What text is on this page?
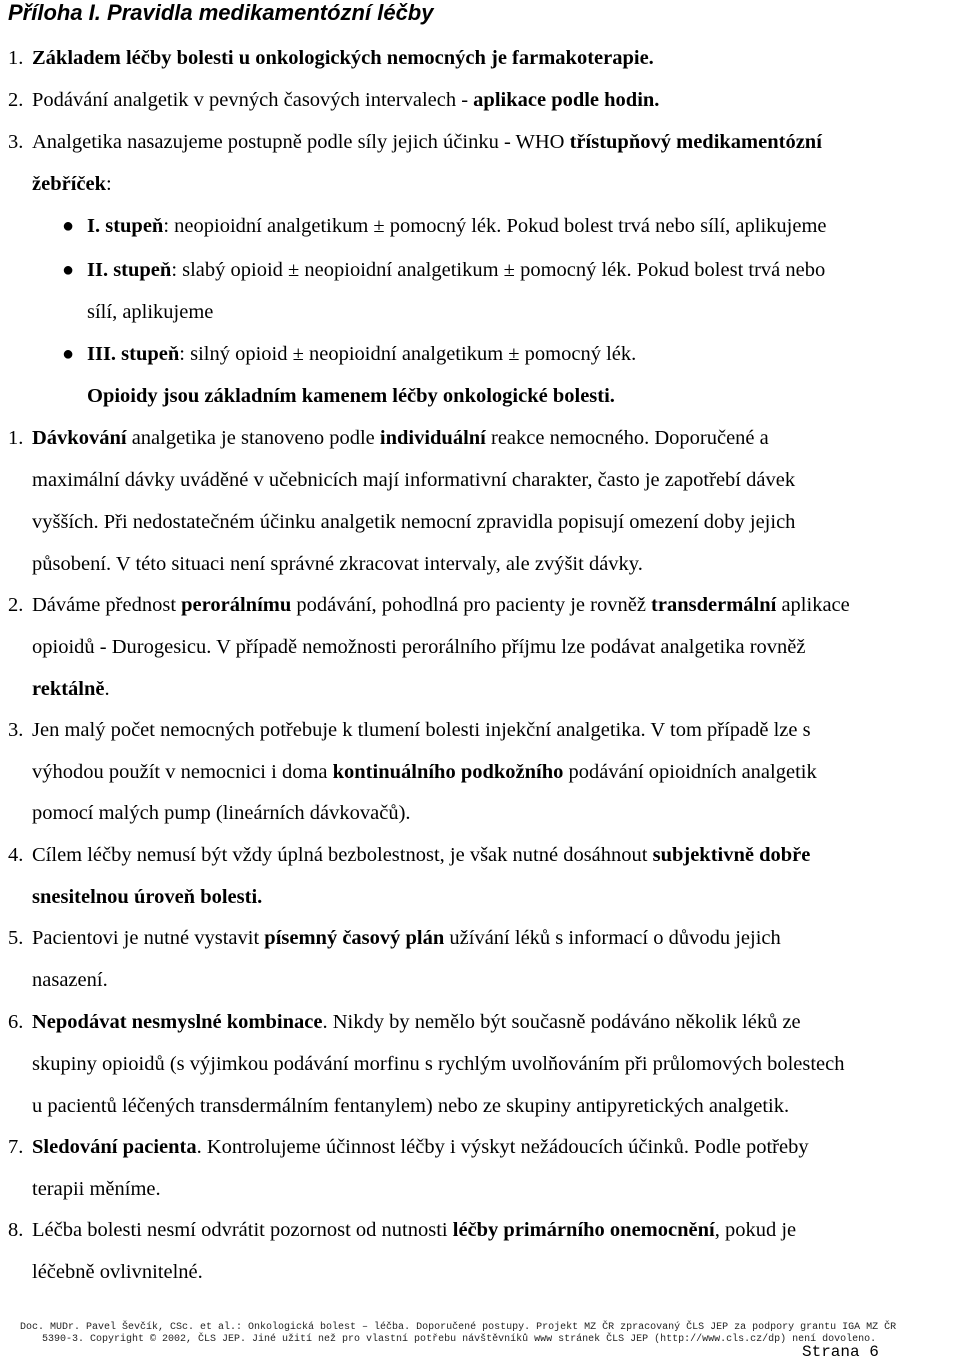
Příloha I. Pravidla medikamentózní léčby
1. Základem léčby bolesti u onkologických nemocných je farmakoterapie.
2. Podávání analgetik v pevných časových intervalech - aplikace podle hodin.
3. Analgetika nasazujeme postupně podle síly jejich účinku - WHO třístupňový medikamentózní
žebříček:
● I. stupeň: neopioidní analgetikum ± pomocný lék. Pokud bolest trvá nebo sílí, aplikujeme
● II. stupeň: slabý opioid ± neopioidní analgetikum ± pomocný lék. Pokud bolest trvá nebo
sílí, aplikujeme
● III. stupeň: silný opioid ± neopioidní analgetikum ± pomocný lék.
Opioidy jsou základním kamenem léčby onkologické bolesti.
1. Dávkování analgetika je stanoveno podle individuální reakce nemocného. Doporučené a
maximální dávky uváděné v učebnicích mají informativní charakter, často je zapotřebí dávek
vyšších. Při nedostatečném účinku analgetik nemocní zpravidla popisují omezení doby jejich
působení. V této situaci není správné zkracovat intervaly, ale zvýšit dávky.
2. Dáváme přednost perorálnímu podávání, pohodlná pro pacienty je rovněž transdermální aplikace
opioidů - Durogesicu. V případě nemožnosti perorálního příjmu lze podávat analgetika rovněž
rektálně.
3. Jen malý počet nemocných potřebuje k tlumení bolesti injekční analgetika. V tom případě lze s
výhodou použít v nemocnici i doma kontinuálního podkožního podávání opioidních analgetik
pomocí malých pump (lineárních dávkovačů).
4. Cílem léčby nemusí být vždy úplná bezbolestnost, je však nutné dosáhnout subjektivně dobře
snesitelnou úroveň bolesti.
5. Pacientovi je nutné vystavit písemný časový plán užívání léků s informací o důvodu jejich
nasazení.
6. Nepodávat nesmyslné kombinace. Nikdy by nemělo být současně podáváno několik léků ze
skupiny opioidů (s výjimkou podávání morfinu s rychlým uvolňováním při průlomových bolestech
u pacientů léčených transdermálním fentanylem) nebo ze skupiny antipyretických analgetik.
7. Sledování pacienta. Kontrolujeme účinnost léčby i výskyt nežádoucích účinků. Podle potřeby
terapii měníme.
8. Léčba bolesti nesmí odvrátit pozornost od nutnosti léčby primárního onemocnění, pokud je
léčebně ovlivnitelné.
Doc. MUDr. Pavel Ševčík, CSc. et al.: Onkologická bolest – léčba. Doporučené postupy. Projekt MZ ČR zpracovaný ČLS JEP za podpory grantu IGA MZ ČR
5390-3. Copyright © 2002, ČLS JEP. Jiné užití než pro vlastní potřebu návštěvníků www stránek ČLS JEP (http://www.cls.cz/dp) není dovoleno.
Strana 6
